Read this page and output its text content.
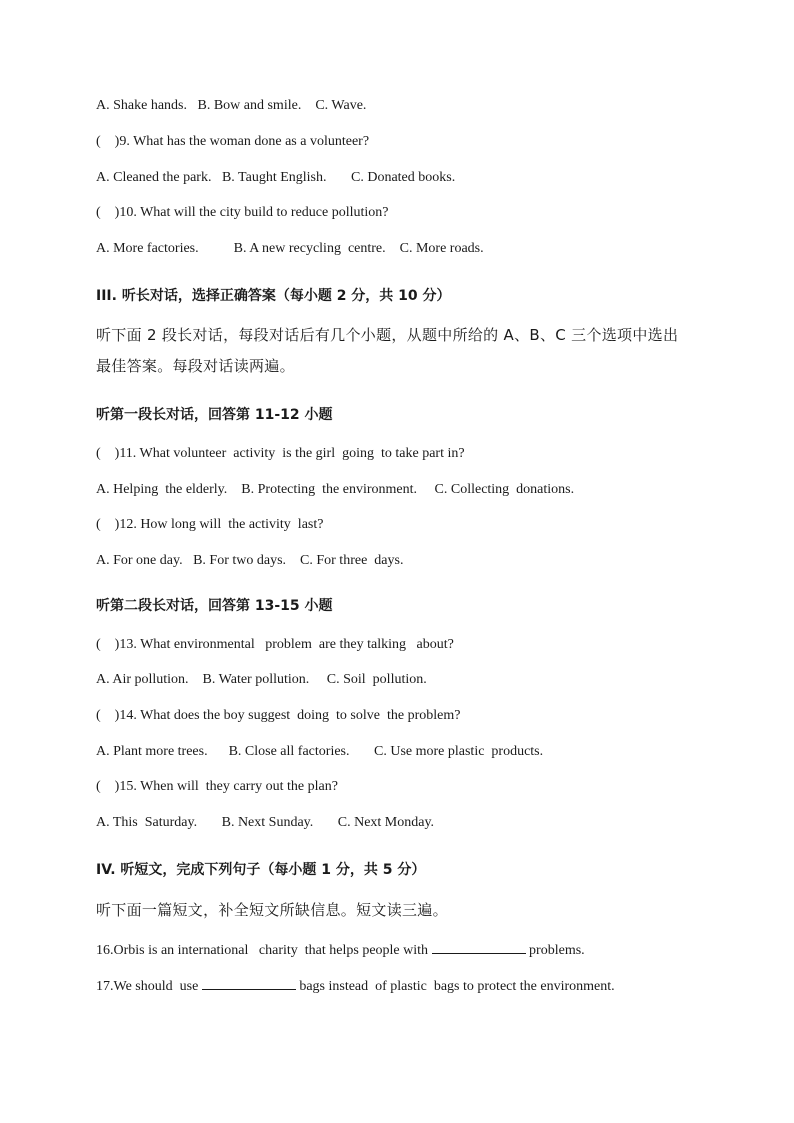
A. Shake hands.   B. Bow and smile.    C. Wave.
(    )9. What has the woman done as a volunteer?
A. Cleaned the park.   B. Taught English.       C. Donated books.
(    )10. What will the city build to reduce pollution?
A. More factories.          B. A new recycling  centre.    C. More roads.
III. 听长对话，选择正确答案（每小题 2 分，共 10 分）
听下面 2 段长对话，每段对话后有几个小题，从题中所给的 A、B、C 三个选项中选出
最佳答案。每段对话读两遍。
听第一段长对话，回答第 11-12 小题
(    )11. What volunteer  activity  is the girl  going  to take part in?
A. Helping  the elderly.    B. Protecting  the environment.     C. Collecting  donations.
(    )12. How long will  the activity  last?
A. For one day.   B. For two days.    C. For three  days.
听第二段长对话，回答第 13-15 小题
(    )13. What environmental   problem  are they talking   about?
A. Air pollution.    B. Water pollution.     C. Soil  pollution.
(    )14. What does the boy suggest  doing  to solve  the problem?
A. Plant more trees.      B. Close all factories.       C. Use more plastic  products.
(    )15. When will  they carry out the plan?
A. This  Saturday.       B. Next Sunday.       C. Next Monday.
IV. 听短文，完成下列句子（每小题 1 分，共 5 分）
听下面一篇短文，补全短文所缺信息。短文读三遍。
16.Orbis is an international   charity  that helps people with	problems.
17.We should  use	bags instead  of plastic  bags to protect the environment.
